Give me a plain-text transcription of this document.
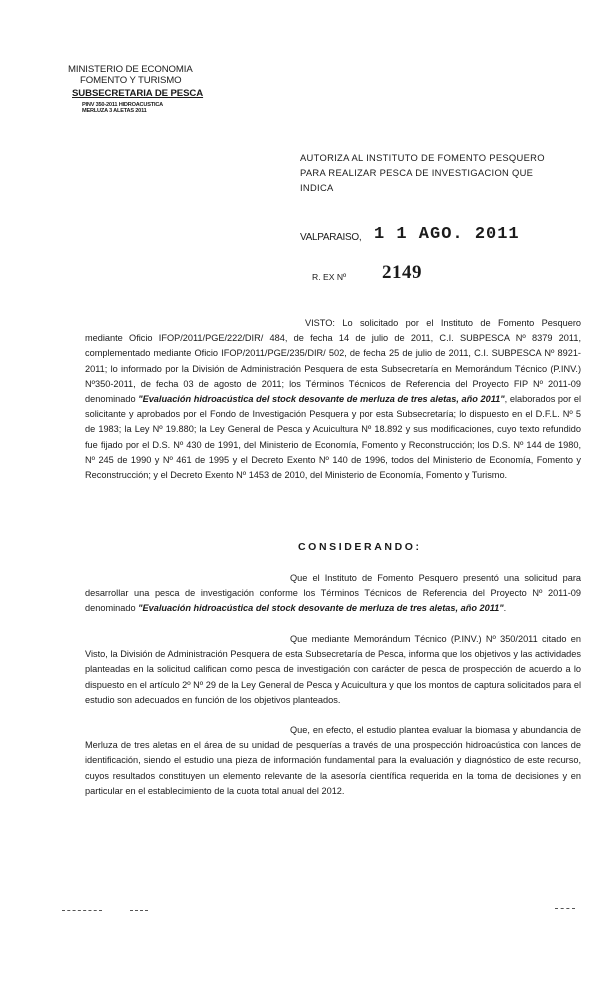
MINISTERIO DE ECONOMIA
FOMENTO Y TURISMO
SUBSECRETARIA DE PESCA
PINV 350-2011 HIDROACUSTICA
MERLUZA 3 ALETAS 2011
AUTORIZA AL INSTITUTO DE FOMENTO PESQUERO
PARA REALIZAR PESCA DE INVESTIGACION QUE
INDICA
VALPARAISO, 1 1 AGO. 2011
R. EX Nº 2149
VISTO: Lo solicitado por el Instituto de Fomento Pesquero mediante Oficio IFOP/2011/PGE/222/DIR/ 484, de fecha 14 de julio de 2011, C.I. SUBPESCA Nº 8379 2011, complementado mediante Oficio IFOP/2011/PGE/235/DIR/ 502, de fecha 25 de julio de 2011, C.I. SUBPESCA Nº 8921-2011; lo informado por la División de Administración Pesquera de esta Subsecretaría en Memorándum Técnico (P.INV.) Nº350-2011, de fecha 03 de agosto de 2011; los Términos Técnicos de Referencia del Proyecto FIP Nº 2011-09 denominado "Evaluación hidroacústica del stock desovante de merluza de tres aletas, año 2011", elaborados por el solicitante y aprobados por el Fondo de Investigación Pesquera y por esta Subsecretaría; lo dispuesto en el D.F.L. Nº 5 de 1983; la Ley Nº 19.880; la Ley General de Pesca y Acuicultura Nº 18.892 y sus modificaciones, cuyo texto refundido fue fijado por el D.S. Nº 430 de 1991, del Ministerio de Economía, Fomento y Reconstrucción; los D.S. Nº 144 de 1980, Nº 245 de 1990 y Nº 461 de 1995 y el Decreto Exento Nº 140 de 1996, todos del Ministerio de Economía, Fomento y Reconstrucción; y el Decreto Exento Nº 1453 de 2010, del Ministerio de Economía, Fomento y Turismo.
CONSIDERANDO:
Que el Instituto de Fomento Pesquero presentó una solicitud para desarrollar una pesca de investigación conforme los Términos Técnicos de Referencia del Proyecto Nº 2011-09 denominado "Evaluación hidroacústica del stock desovante de merluza de tres aletas, año 2011".
Que mediante Memorándum Técnico (P.INV.) Nº 350/2011 citado en Visto, la División de Administración Pesquera de esta Subsecretaría de Pesca, informa que los objetivos y las actividades planteadas en la solicitud califican como pesca de investigación con carácter de pesca de prospección de acuerdo a lo dispuesto en el artículo 2º Nº 29 de la Ley General de Pesca y Acuicultura y que los montos de captura solicitados para el estudio son adecuados en función de los objetivos planteados.
Que, en efecto, el estudio plantea evaluar la biomasa y abundancia de Merluza de tres aletas en el área de su unidad de pesquerías a través de una prospección hidroacústica con lances de identificación, siendo el estudio una pieza de información fundamental para la evaluación y diagnóstico de este recurso, cuyos resultados constituyen un elemento relevante de la asesoría científica requerida en la toma de decisiones y en particular en el establecimiento de la cuota total anual del 2012.
